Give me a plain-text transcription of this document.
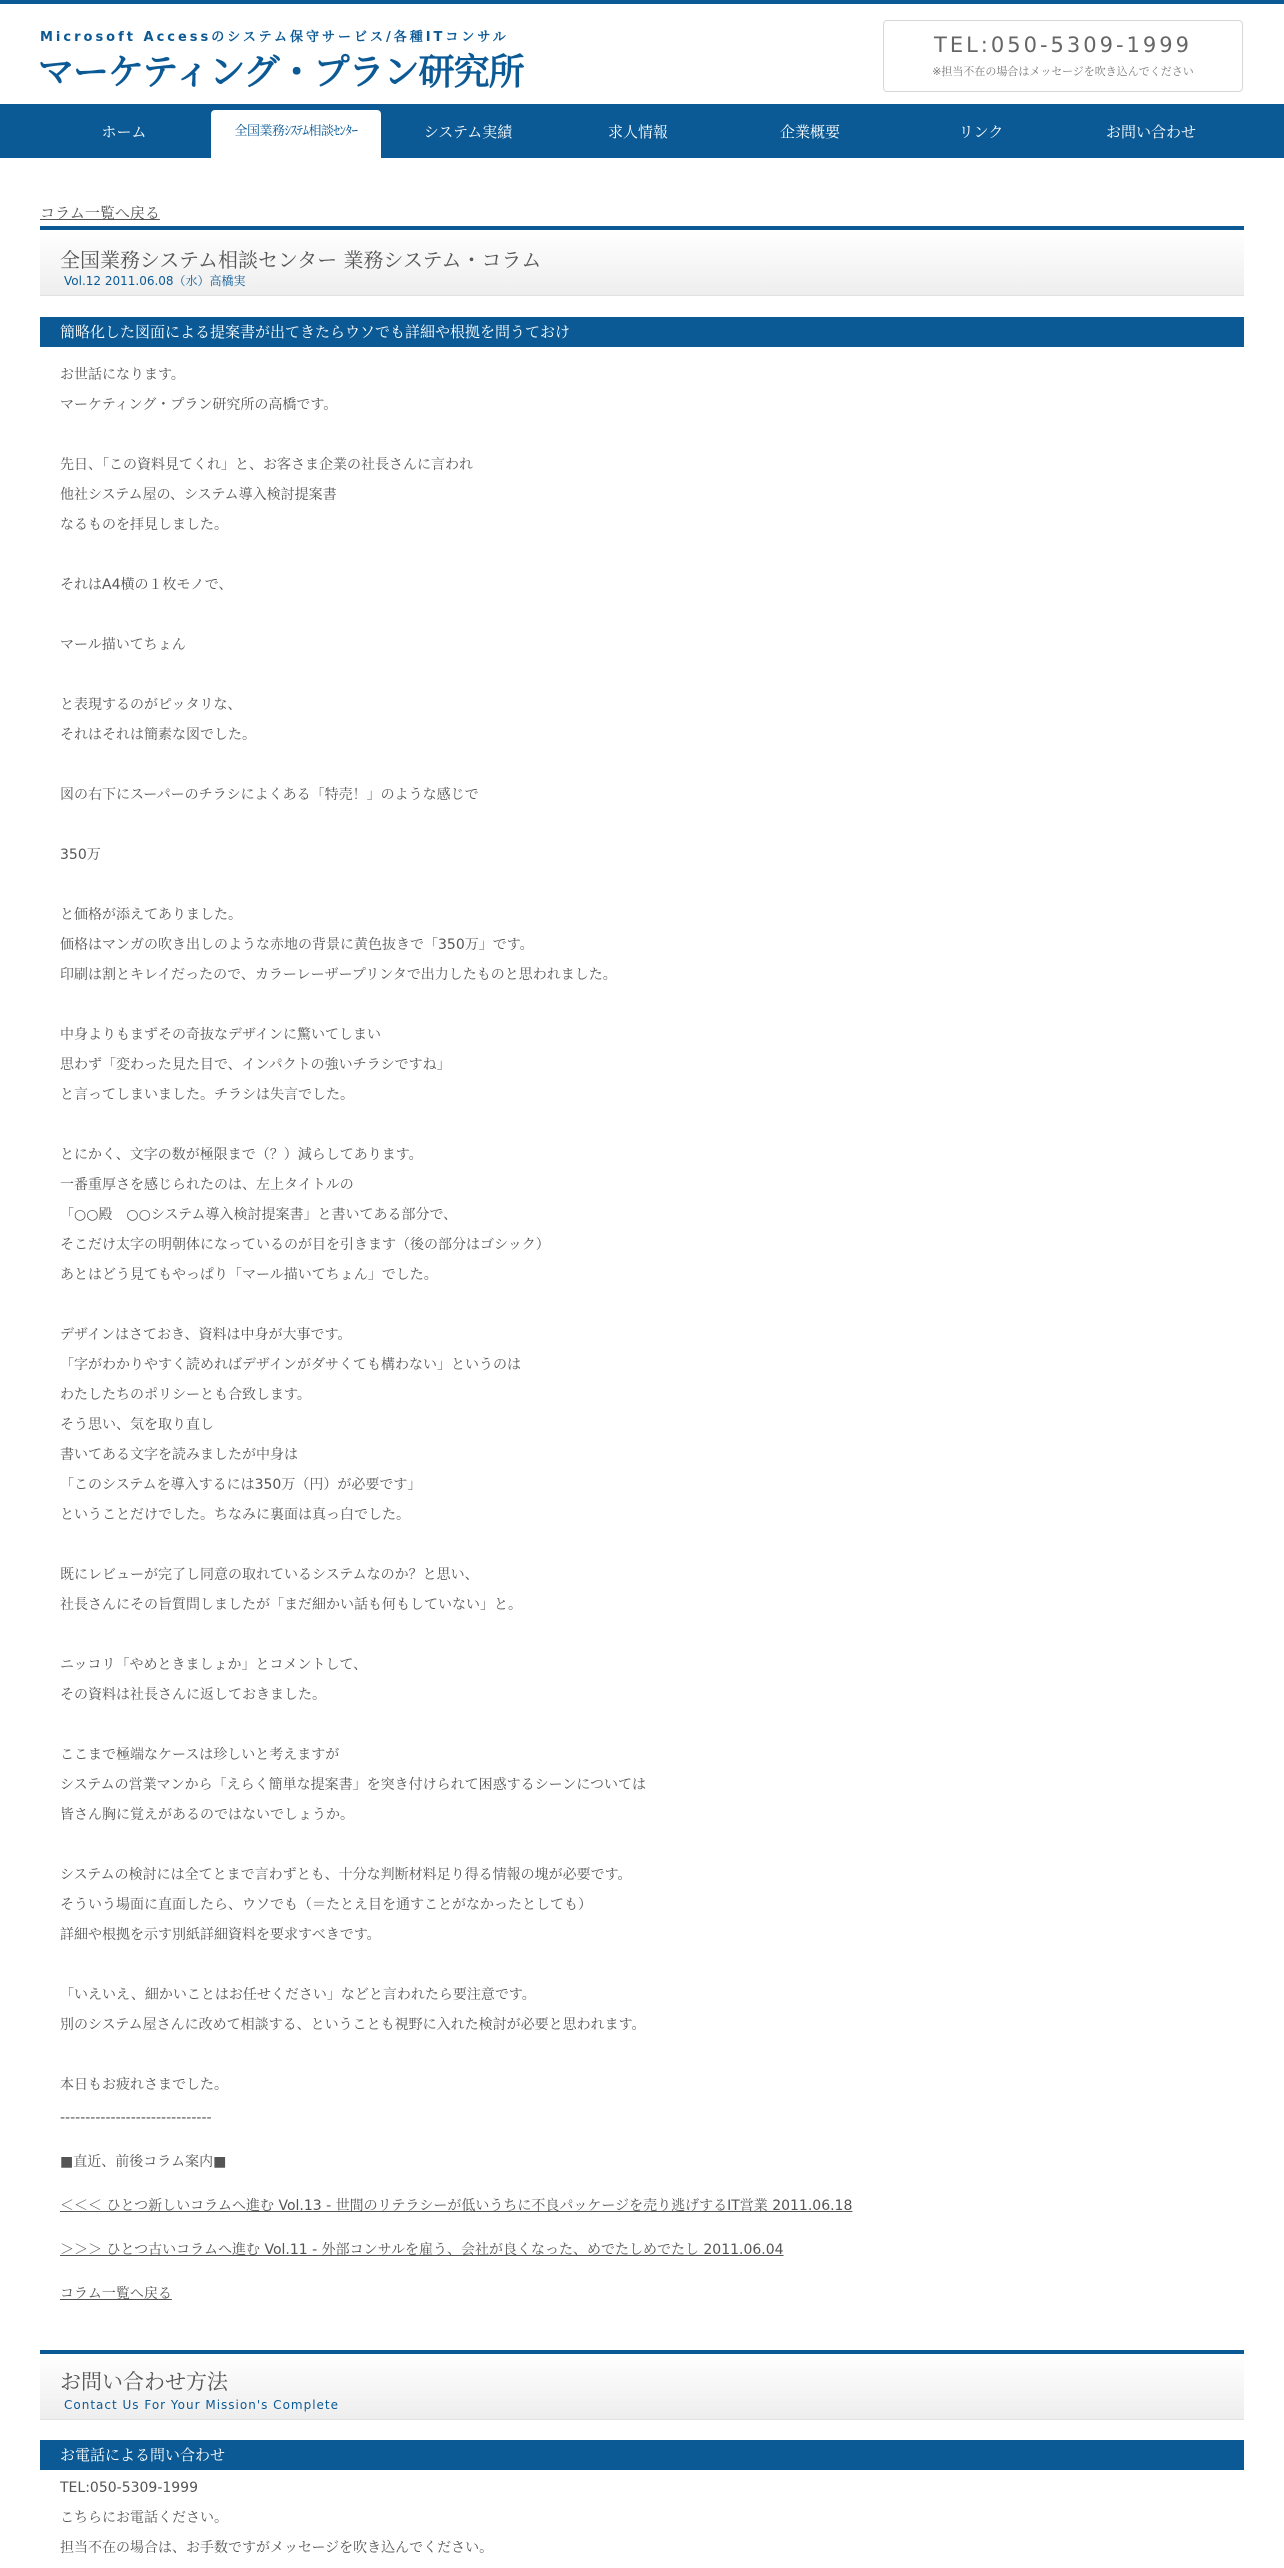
Microsoft Accessのシステム保守サービス/各種ITコンサル
マーケティング・プラン研究所
TEL:050-5309-1999
※担当不在の場合はメッセージを吹き込んでください
ホーム	全国業務ｼｽﾃﾑ相談ｾﾝﾀｰ	システム実績	求人情報	企業概要	リンク	お問い合わせ
コラム一覧へ戻る
全国業務システム相談センター 業務システム・コラム
Vol.12 2011.06.08（水）高橋実
簡略化した図面による提案書が出てきたらウソでも詳細や根拠を問うておけ
お世話になります。
マーケティング・プラン研究所の高橋です。
先日、「この資料見てくれ」と、お客さま企業の社長さんに言われ
他社システム屋の、システム導入検討提案書
なるものを拝見しました。
それはA4横の１枚モノで、
マール描いてちょん
と表現するのがピッタリな、
それはそれは簡素な図でした。
図の右下にスーパーのチラシによくある「特売！」のような感じで
350万
と価格が添えてありました。
価格はマンガの吹き出しのような赤地の背景に黄色抜きで「350万」です。
印刷は割とキレイだったので、カラーレーザープリンタで出力したものと思われました。
中身よりもまずその奇抜なデザインに驚いてしまい
思わず「変わった見た目で、インパクトの強いチラシですね」
と言ってしまいました。チラシは失言でした。
とにかく、文字の数が極限まで（？）減らしてあります。
一番重厚さを感じられたのは、左上タイトルの
「○○殿　○○システム導入検討提案書」と書いてある部分で、
そこだけ太字の明朝体になっているのが目を引きます（後の部分はゴシック）
あとはどう見てもやっぱり「マール描いてちょん」でした。
デザインはさておき、資料は中身が大事です。
「字がわかりやすく読めればデザインがダサくても構わない」というのは
わたしたちのポリシーとも合致します。
そう思い、気を取り直し
書いてある文字を読みましたが中身は
「このシステムを導入するには350万（円）が必要です」
ということだけでした。ちなみに裏面は真っ白でした。
既にレビューが完了し同意の取れているシステムなのか？と思い、
社長さんにその旨質問しましたが「まだ細かい話も何もしていない」と。
ニッコリ「やめときましょか」とコメントして、
その資料は社長さんに返しておきました。
ここまで極端なケースは珍しいと考えますが
システムの営業マンから「えらく簡単な提案書」を突き付けられて困惑するシーンについては
皆さん胸に覚えがあるのではないでしょうか。
システムの検討には全てとまで言わずとも、十分な判断材料足り得る情報の塊が必要です。
そういう場面に直面したら、ウソでも（＝たとえ目を通すことがなかったとしても）
詳細や根拠を示す別紙詳細資料を要求すべきです。
「いえいえ、細かいことはお任せください」などと言われたら要注意です。
別のシステム屋さんに改めて相談する、ということも視野に入れた検討が必要と思われます。
本日もお疲れさまでした。
------------------------------
■直近、前後コラム案内■
＜＜＜ ひとつ新しいコラムへ進む Vol.13 - 世間のリテラシーが低いうちに不良パッケージを売り逃げするIT営業 2011.06.18
＞＞＞ ひとつ古いコラムへ進む Vol.11 - 外部コンサルを雇う、会社が良くなった、めでたしめでたし 2011.06.04
コラム一覧へ戻る
お問い合わせ方法
Contact Us For Your Mission's Complete
お電話による問い合わせ
TEL:050-5309-1999
こちらにお電話ください。
担当不在の場合は、お手数ですがメッセージを吹き込んでください。
